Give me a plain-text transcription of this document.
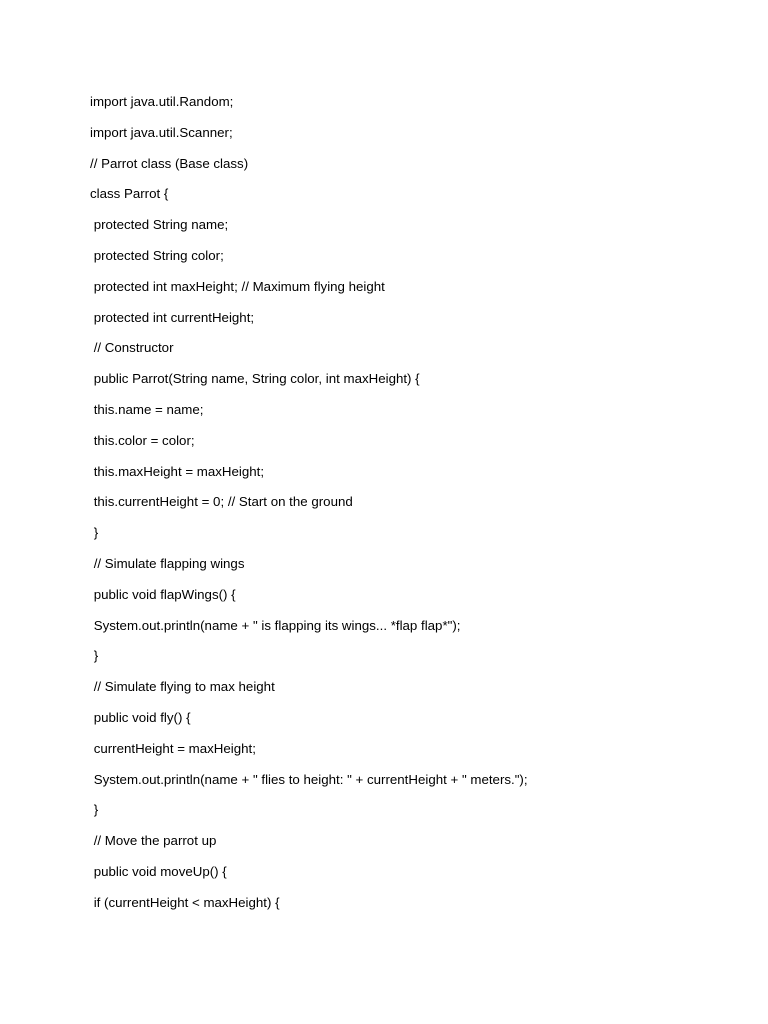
import java.util.Random;
import java.util.Scanner;
// Parrot class (Base class)
class Parrot {
protected String name;
protected String color;
protected int maxHeight; // Maximum flying height
protected int currentHeight;
// Constructor
public Parrot(String name, String color, int maxHeight) {
this.name = name;
this.color = color;
this.maxHeight = maxHeight;
this.currentHeight = 0; // Start on the ground
}
// Simulate flapping wings
public void flapWings() {
System.out.println(name + " is flapping its wings... *flap flap*");
}
// Simulate flying to max height
public void fly() {
currentHeight = maxHeight;
System.out.println(name + " flies to height: " + currentHeight + " meters.");
}
// Move the parrot up
public void moveUp() {
if (currentHeight < maxHeight) {
